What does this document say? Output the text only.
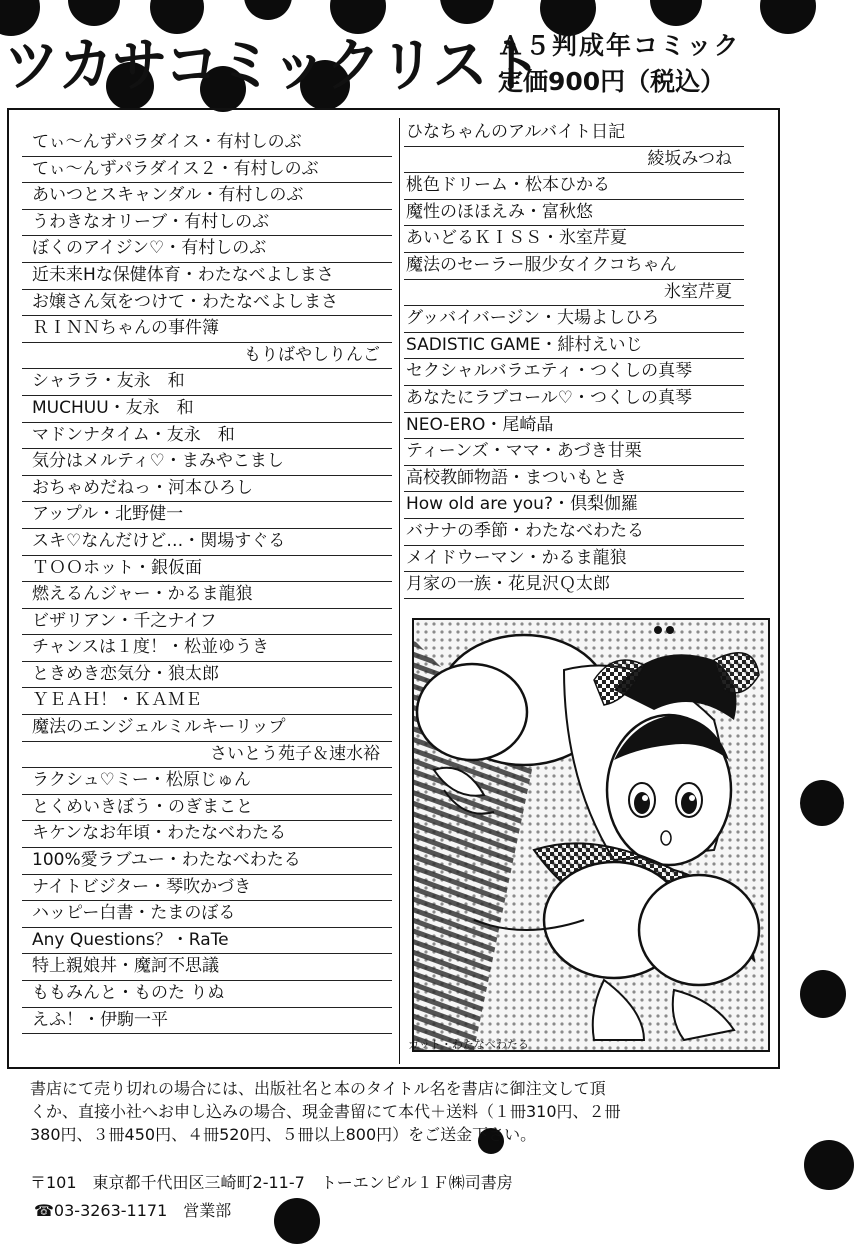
ツカサコミックリスト
Ａ５判成年コミック
定価900円（税込）
てぃ〜んずパラダイス・有村しのぶ
てぃ〜んずパラダイス２・有村しのぶ
あいつとスキャンダル・有村しのぶ
うわきなオリーブ・有村しのぶ
ぼくのアイジン♡・有村しのぶ
近未来Hな保健体育・わたなべよしまさ
お嬢さん気をつけて・わたなべよしまさ
ＲＩＮＮちゃんの事件簿
もりばやしりんご
シャララ・友永　和
MUCHUU・友永　和
マドンナタイム・友永　和
気分はメルティ♡・まみやこまし
おちゃめだねっ・河本ひろし
アップル・北野健一
スキ♡なんだけど…・関場すぐる
ＴＯＯホット・銀仮面
燃えるんジャー・かるま龍狼
ビザリアン・千之ナイフ
チャンスは１度！・松並ゆうき
ときめき恋気分・狼太郎
ＹＥＡＨ！・ＫＡＭＥ
魔法のエンジェルミルキーリップ
さいとう苑子＆速水裕
ラクシュ♡ミー・松原じゅん
とくめいきぼう・のぎまこと
キケンなお年頃・わたなべわたる
100%愛ラブユー・わたなべわたる
ナイトビジター・琴吹かづき
ハッピー白書・たまのぼる
Any Questions？・RaTe
特上親娘丼・魔訶不思議
ももみんと・ものた りぬ
えふ！・伊駒一平
ひなちゃんのアルバイト日記
綾坂みつね
桃色ドリーム・松本ひかる
魔性のほほえみ・富秋悠
あいどるＫＩＳＳ・氷室芹夏
魔法のセーラー服少女イクコちゃん
氷室芹夏
グッバイバージン・大場よしひろ
SADISTIC GAME・緋村えいじ
セクシャルバラエティ・つくしの真琴
あなたにラブコール♡・つくしの真琴
NEO-ERO・尾崎晶
ティーンズ・ママ・あづき甘栗
高校教師物語・まついもとき
How old are you?・倶梨伽羅
バナナの季節・わたなべわたる
メイドウーマン・かるま龍狼
月家の一族・花見沢Ｑ太郎
カット・わたなべわたる

書店にて売り切れの場合には、出版社名と本のタイトル名を書店に御注文して頂

くか、直接小社へお申し込みの場合、現金書留にて本代＋送料（１冊310円、２冊

380円、３冊450円、４冊520円、５冊以上800円）をご送金下さい。

〒101　東京都千代田区三崎町2-11-7　トーエンビル１Ｆ㈱司書房
☎03-3263-1171　営業部
